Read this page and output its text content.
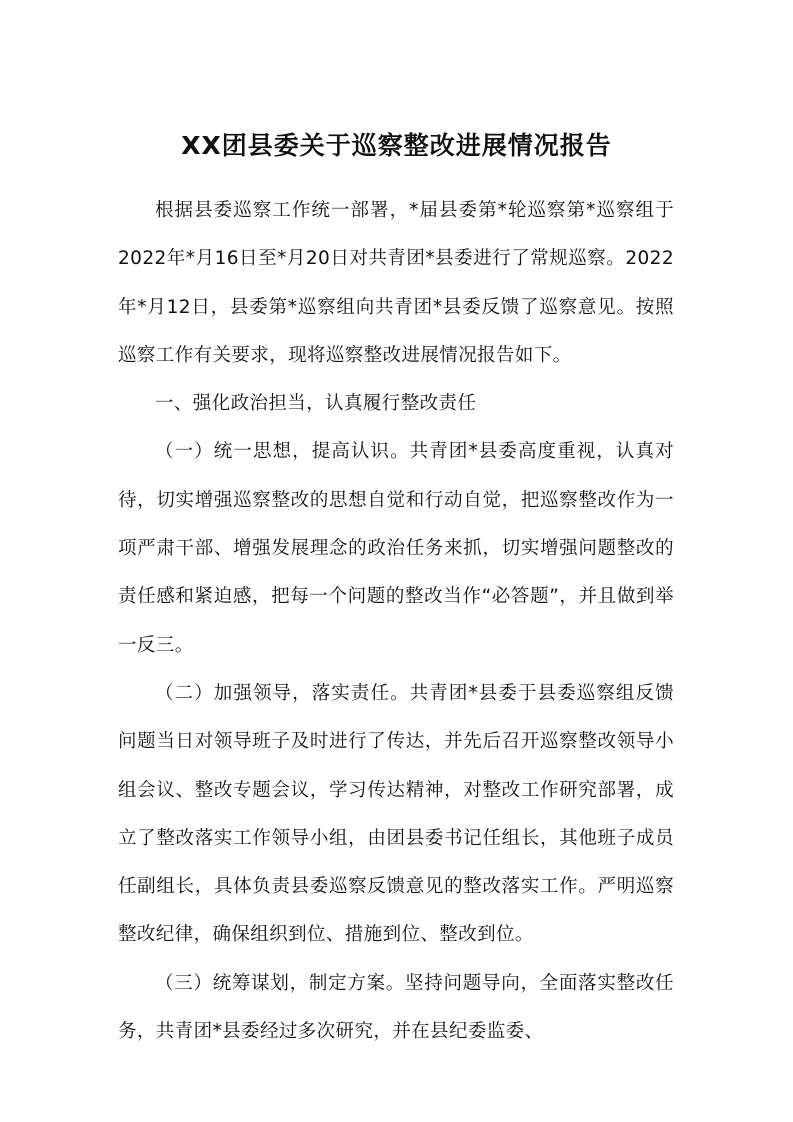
XX团县委关于巡察整改进展情况报告

根据县委巡察工作统一部署，*届县委第*轮巡察第*巡察组于2022年*月16日至*月20日对共青团*县委进行了常规巡察。2022年*月12日，县委第*巡察组向共青团*县委反馈了巡察意见。按照巡察工作有关要求，现将巡察整改进展情况报告如下。

一、强化政治担当，认真履行整改责任

（一）统一思想，提高认识。共青团*县委高度重视，认真对待，切实增强巡察整改的思想自觉和行动自觉，把巡察整改作为一项严肃干部、增强发展理念的政治任务来抓，切实增强问题整改的责任感和紧迫感，把每一个问题的整改当作“必答题”，并且做到举一反三。

（二）加强领导，落实责任。共青团*县委于县委巡察组反馈问题当日对领导班子及时进行了传达，并先后召开巡察整改领导小组会议、整改专题会议，学习传达精神，对整改工作研究部署，成立了整改落实工作领导小组，由团县委书记任组长，其他班子成员任副组长，具体负责县委巡察反馈意见的整改落实工作。严明巡察整改纪律，确保组织到位、措施到位、整改到位。

（三）统筹谋划，制定方案。坚持问题导向，全面落实整改任务，共青团*县委经过多次研究，并在县纪委监委、
